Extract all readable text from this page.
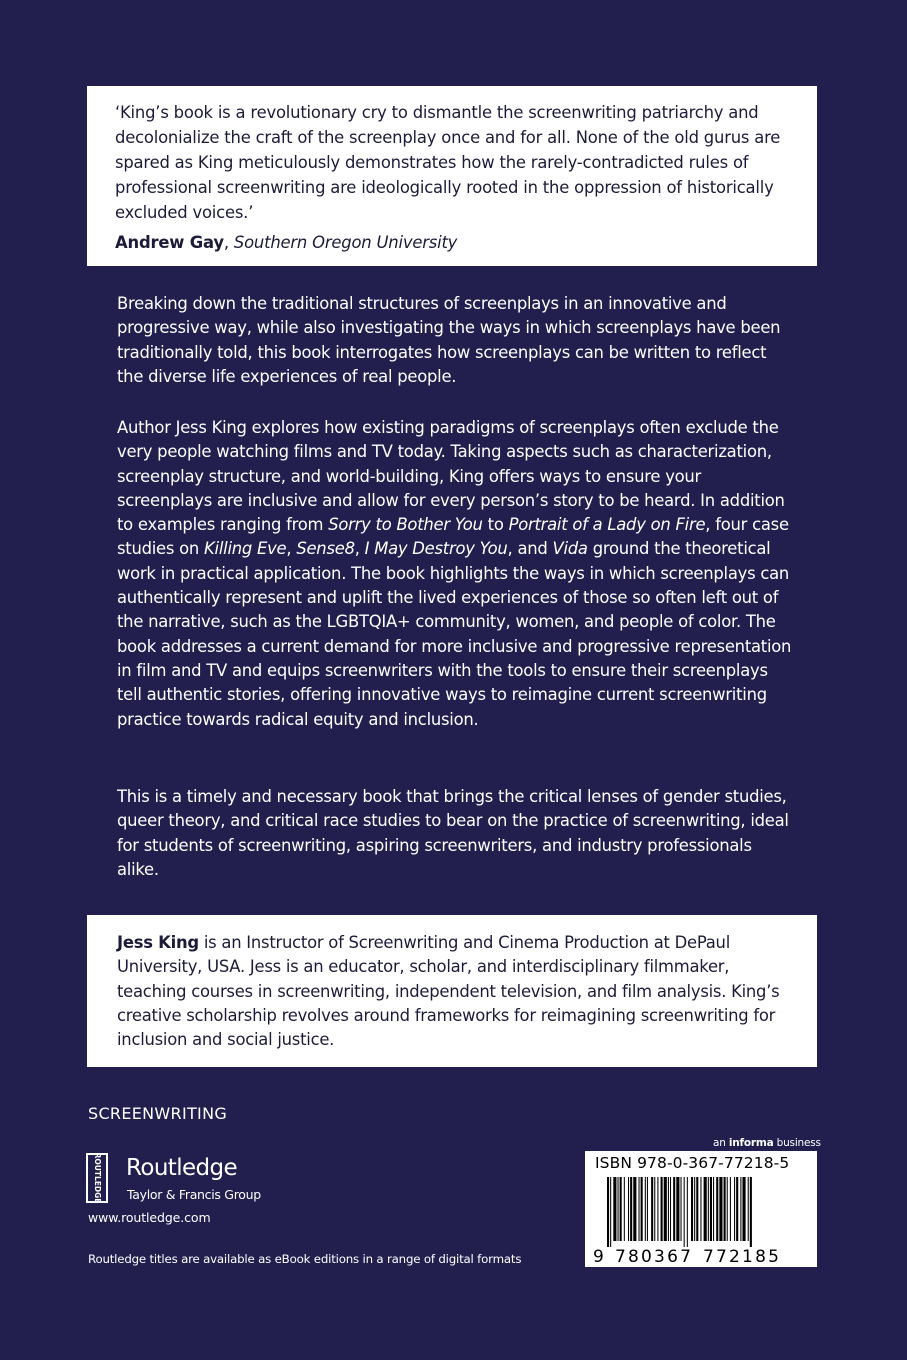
‘King’s book is a revolutionary cry to dismantle the screenwriting patriarchy and decolonialize the craft of the screenplay once and for all. None of the old gurus are spared as King meticulously demonstrates how the rarely-contradicted rules of professional screenwriting are ideologically rooted in the oppression of historically excluded voices.’

Andrew Gay, Southern Oregon University

Breaking down the traditional structures of screenplays in an innovative and progressive way, while also investigating the ways in which screenplays have been traditionally told, this book interrogates how screenplays can be written to reflect the diverse life experiences of real people.

Author Jess King explores how existing paradigms of screenplays often exclude the very people watching films and TV today. Taking aspects such as characterization, screenplay structure, and world-building, King offers ways to ensure your screenplays are inclusive and allow for every person’s story to be heard. In addition to examples ranging from Sorry to Bother You to Portrait of a Lady on Fire, four case studies on Killing Eve, Sense8, I May Destroy You, and Vida ground the theoretical work in practical application. The book highlights the ways in which screenplays can authentically represent and uplift the lived experiences of those so often left out of the narrative, such as the LGBTQIA+ community, women, and people of color. The book addresses a current demand for more inclusive and progressive representation in film and TV and equips screenwriters with the tools to ensure their screenplays tell authentic stories, offering innovative ways to reimagine current screenwriting practice towards radical equity and inclusion.

This is a timely and necessary book that brings the critical lenses of gender studies, queer theory, and critical race studies to bear on the practice of screenwriting, ideal for students of screenwriting, aspiring screenwriters, and industry professionals alike.

Jess King is an Instructor of Screenwriting and Cinema Production at DePaul University, USA. Jess is an educator, scholar, and interdisciplinary filmmaker, teaching courses in screenwriting, independent television, and film analysis. King’s creative scholarship revolves around frameworks for reimagining screenwriting for inclusion and social justice.

SCREENWRITING

ROUTLEDGE Routledge

Taylor & Francis Group

www.routledge.com

Routledge titles are available as eBook editions in a range of digital formats

an informa business

ISBN 978-0-367-77218-5

9 780367 772185
